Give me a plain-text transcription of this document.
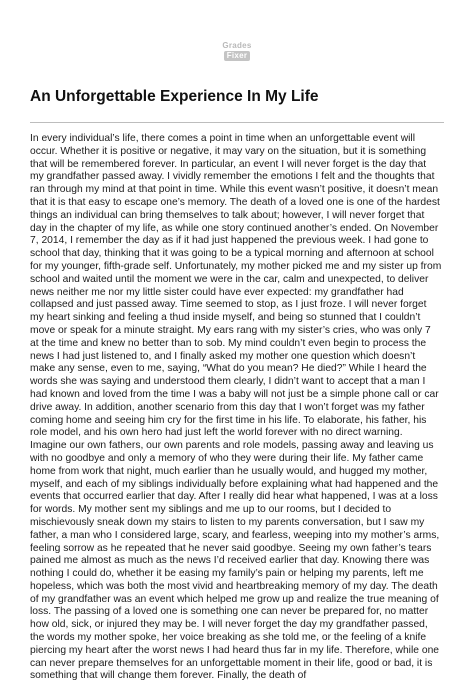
Grades
Fixer
An Unforgettable Experience In My Life

In every individual’s life, there comes a point in time when an unforgettable event will occur. Whether it is positive or negative, it may vary on the situation, but it is something that will be remembered forever. In particular, an event I will never forget is the day that my grandfather passed away. I vividly remember the emotions I felt and the thoughts that ran through my mind at that point in time. While this event wasn’t positive, it doesn’t mean that it is that easy to escape one’s memory. The death of a loved one is one of the hardest things an individual can bring themselves to talk about; however, I will never forget that day in the chapter of my life, as while one story continued another’s ended. On November 7, 2014, I remember the day as if it had just happened the previous week. I had gone to school that day, thinking that it was going to be a typical morning and afternoon at school for my younger, fifth-grade self. Unfortunately, my mother picked me and my sister up from school and waited until the moment we were in the car, calm and unexpected, to deliver news neither me nor my little sister could have ever expected: my grandfather had collapsed and just passed away. Time seemed to stop, as I just froze. I will never forget my heart sinking and feeling a thud inside myself, and being so stunned that I couldn’t move or speak for a minute straight. My ears rang with my sister’s cries, who was only 7 at the time and knew no better than to sob. My mind couldn’t even begin to process the news I had just listened to, and I finally asked my mother one question which doesn’t make any sense, even to me, saying, “What do you mean? He died?” While I heard the words she was saying and understood them clearly, I didn’t want to accept that a man I had known and loved from the time I was a baby will not just be a simple phone call or car drive away. In addition, another scenario from this day that I won’t forget was my father coming home and seeing him cry for the first time in his life. To elaborate, his father, his role model, and his own hero had just left the world forever with no direct warning. Imagine our own fathers, our own parents and role models, passing away and leaving us with no goodbye and only a memory of who they were during their life. My father came home from work that night, much earlier than he usually would, and hugged my mother, myself, and each of my siblings individually before explaining what had happened and the events that occurred earlier that day. After I really did hear what happened, I was at a loss for words. My mother sent my siblings and me up to our rooms, but I decided to mischievously sneak down my stairs to listen to my parents conversation, but I saw my father, a man who I considered large, scary, and fearless, weeping into my mother’s arms, feeling sorrow as he repeated that he never said goodbye. Seeing my own father’s tears pained me almost as much as the news I’d received earlier that day. Knowing there was nothing I could do, whether it be easing my family’s pain or helping my parents, left me hopeless, which was both the most vivid and heartbreaking memory of my day. The death of my grandfather was an event which helped me grow up and realize the true meaning of loss. The passing of a loved one is something one can never be prepared for, no matter how old, sick, or injured they may be. I will never forget the day my grandfather passed, the words my mother spoke, her voice breaking as she told me, or the feeling of a knife piercing my heart after the worst news I had heard thus far in my life. Therefore, while one can never prepare themselves for an unforgettable moment in their life, good or bad, it is something that will change them forever. Finally, the death of
